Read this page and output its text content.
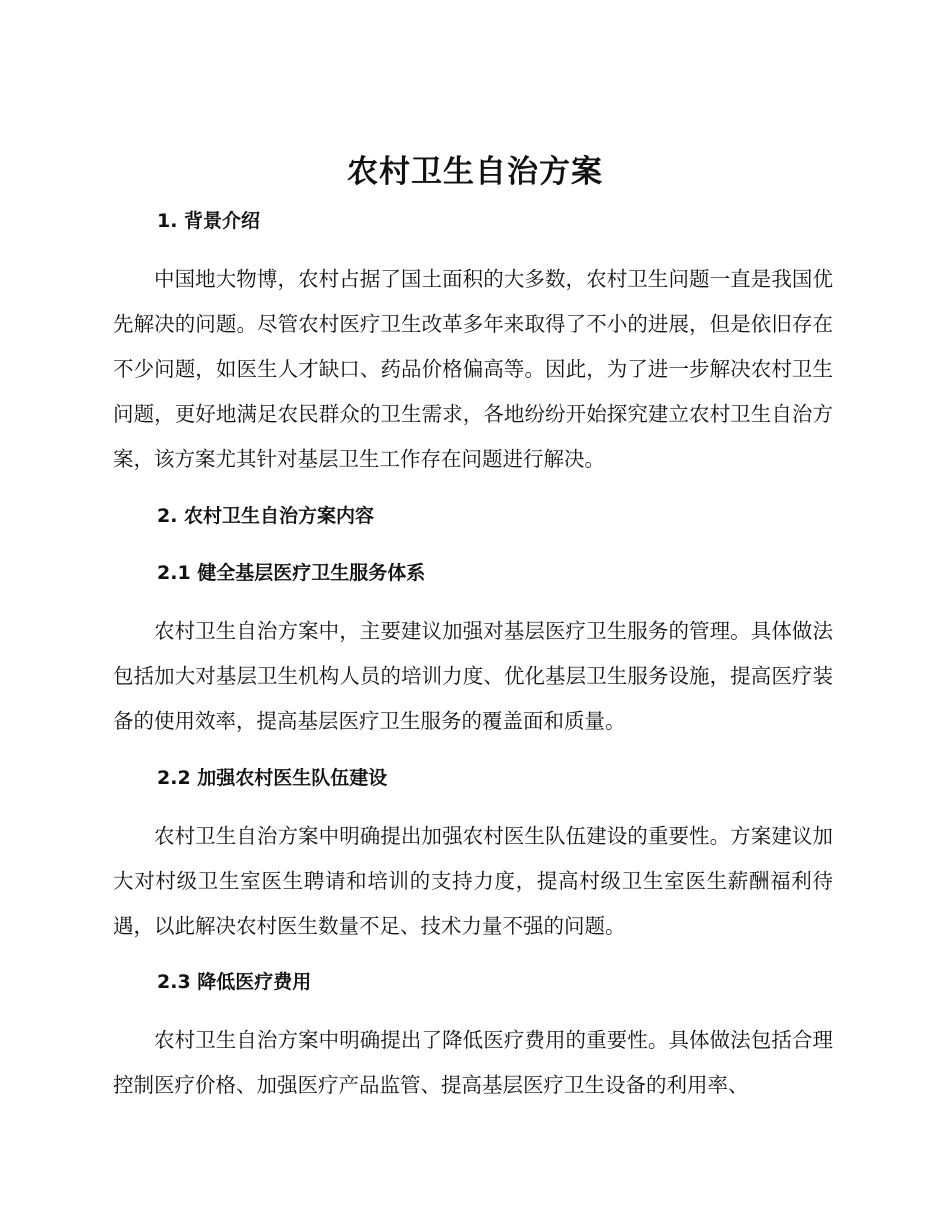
农村卫生自治方案
1. 背景介绍

中国地大物博，农村占据了国土面积的大多数，农村卫生问题一直是我国优先解决的问题。尽管农村医疗卫生改革多年来取得了不小的进展，但是依旧存在不少问题，如医生人才缺口、药品价格偏高等。因此，为了进一步解决农村卫生问题，更好地满足农民群众的卫生需求，各地纷纷开始探究建立农村卫生自治方案，该方案尤其针对基层卫生工作存在问题进行解决。

2. 农村卫生自治方案内容
2.1 健全基层医疗卫生服务体系

农村卫生自治方案中，主要建议加强对基层医疗卫生服务的管理。具体做法包括加大对基层卫生机构人员的培训力度、优化基层卫生服务设施，提高医疗装备的使用效率，提高基层医疗卫生服务的覆盖面和质量。

2.2 加强农村医生队伍建设

农村卫生自治方案中明确提出加强农村医生队伍建设的重要性。方案建议加大对村级卫生室医生聘请和培训的支持力度，提高村级卫生室医生薪酬福利待遇，以此解决农村医生数量不足、技术力量不强的问题。

2.3 降低医疗费用

农村卫生自治方案中明确提出了降低医疗费用的重要性。具体做法包括合理控制医疗价格、加强医疗产品监管、提高基层医疗卫生设备的利用率、
